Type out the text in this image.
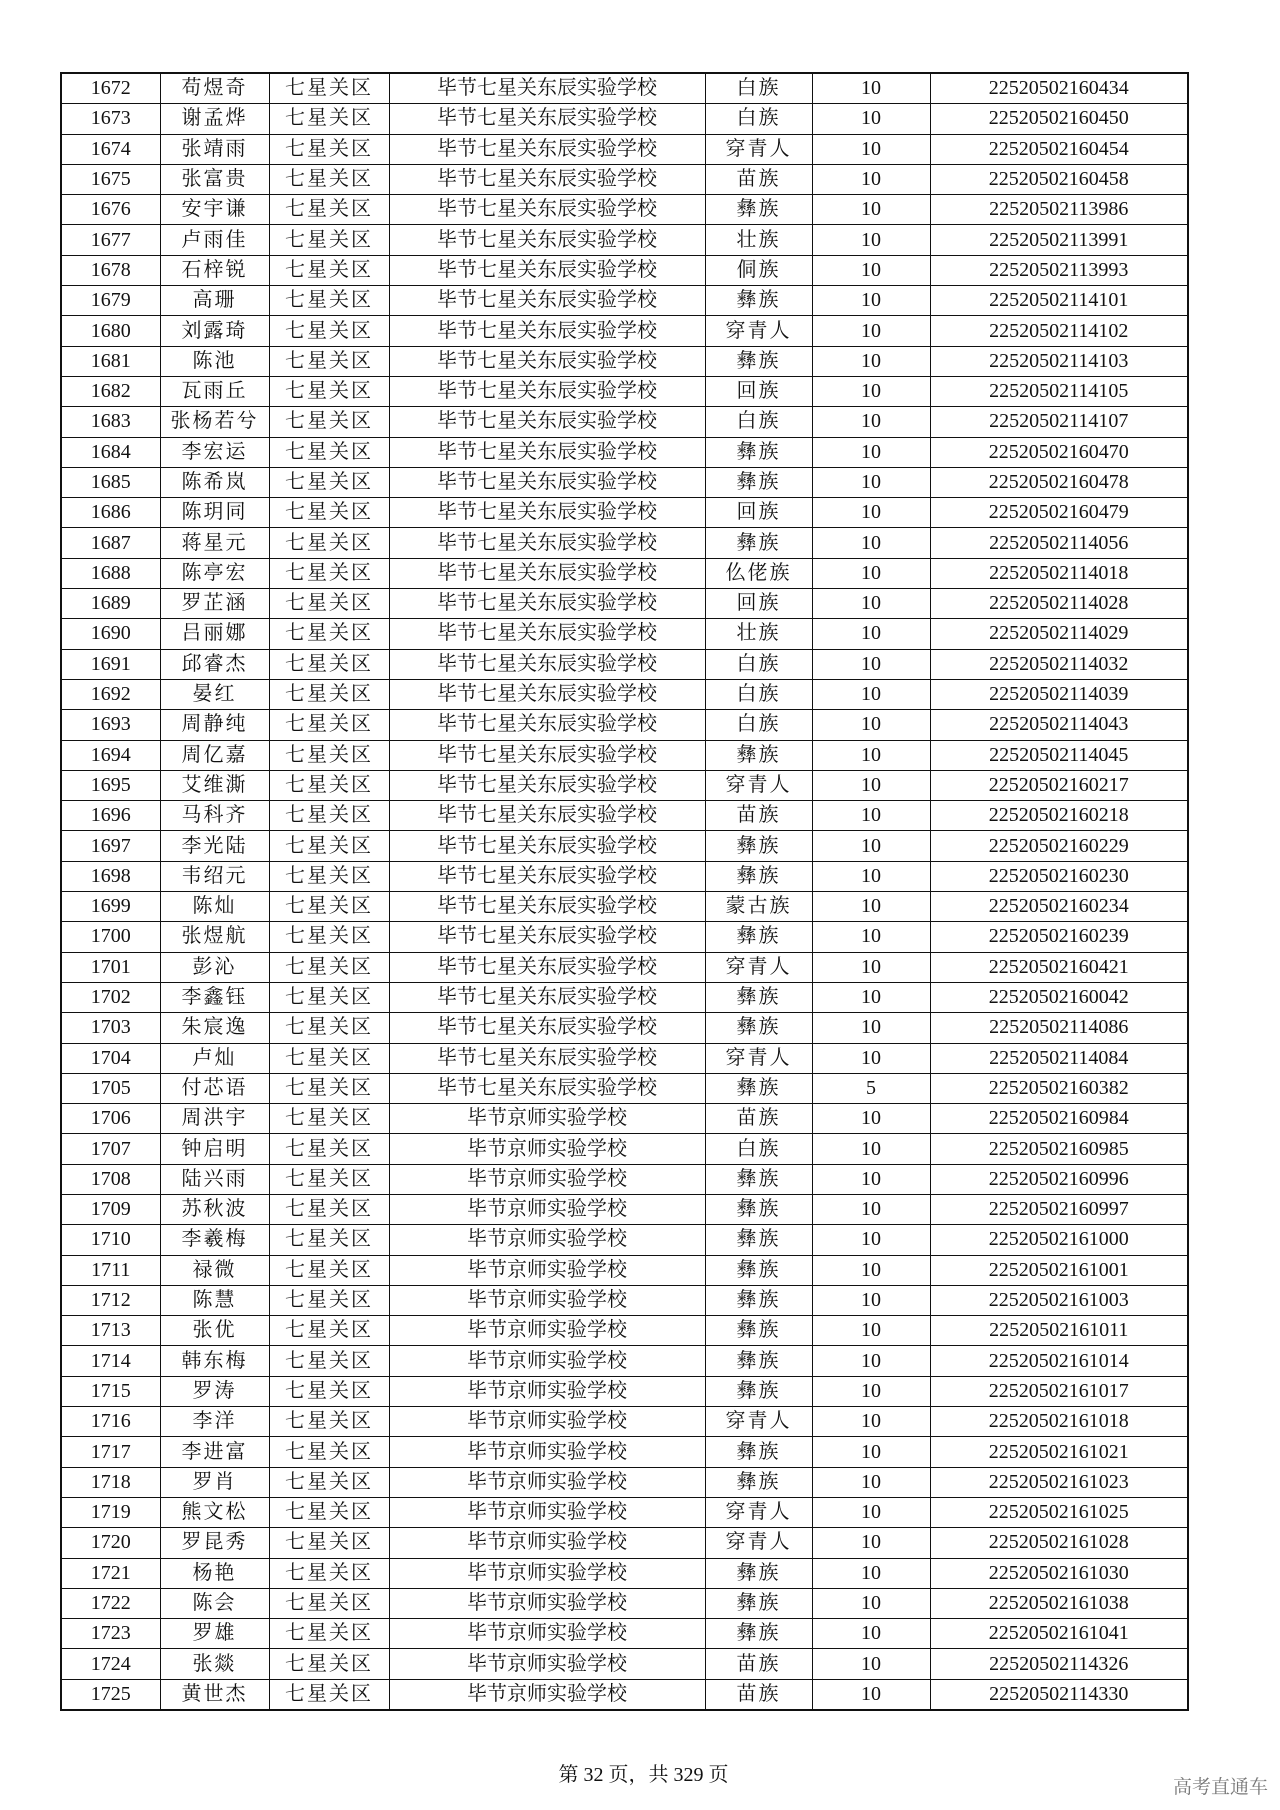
1672	苟煜奇	七星关区	毕节七星关东辰实验学校	白族	10	22520502160434
1673	谢孟烨	七星关区	毕节七星关东辰实验学校	白族	10	22520502160450
1674	张靖雨	七星关区	毕节七星关东辰实验学校	穿青人	10	22520502160454
1675	张富贵	七星关区	毕节七星关东辰实验学校	苗族	10	22520502160458
1676	安宇谦	七星关区	毕节七星关东辰实验学校	彝族	10	22520502113986
1677	卢雨佳	七星关区	毕节七星关东辰实验学校	壮族	10	22520502113991
1678	石梓锐	七星关区	毕节七星关东辰实验学校	侗族	10	22520502113993
1679	高珊	七星关区	毕节七星关东辰实验学校	彝族	10	22520502114101
1680	刘露琦	七星关区	毕节七星关东辰实验学校	穿青人	10	22520502114102
1681	陈池	七星关区	毕节七星关东辰实验学校	彝族	10	22520502114103
1682	瓦雨丘	七星关区	毕节七星关东辰实验学校	回族	10	22520502114105
1683	张杨若兮	七星关区	毕节七星关东辰实验学校	白族	10	22520502114107
1684	李宏运	七星关区	毕节七星关东辰实验学校	彝族	10	22520502160470
1685	陈希岚	七星关区	毕节七星关东辰实验学校	彝族	10	22520502160478
1686	陈玥同	七星关区	毕节七星关东辰实验学校	回族	10	22520502160479
1687	蒋星元	七星关区	毕节七星关东辰实验学校	彝族	10	22520502114056
1688	陈亭宏	七星关区	毕节七星关东辰实验学校	仫佬族	10	22520502114018
1689	罗芷涵	七星关区	毕节七星关东辰实验学校	回族	10	22520502114028
1690	吕丽娜	七星关区	毕节七星关东辰实验学校	壮族	10	22520502114029
1691	邱睿杰	七星关区	毕节七星关东辰实验学校	白族	10	22520502114032
1692	晏红	七星关区	毕节七星关东辰实验学校	白族	10	22520502114039
1693	周静纯	七星关区	毕节七星关东辰实验学校	白族	10	22520502114043
1694	周亿嘉	七星关区	毕节七星关东辰实验学校	彝族	10	22520502114045
1695	艾维澌	七星关区	毕节七星关东辰实验学校	穿青人	10	22520502160217
1696	马科齐	七星关区	毕节七星关东辰实验学校	苗族	10	22520502160218
1697	李光陆	七星关区	毕节七星关东辰实验学校	彝族	10	22520502160229
1698	韦绍元	七星关区	毕节七星关东辰实验学校	彝族	10	22520502160230
1699	陈灿	七星关区	毕节七星关东辰实验学校	蒙古族	10	22520502160234
1700	张煜航	七星关区	毕节七星关东辰实验学校	彝族	10	22520502160239
1701	彭沁	七星关区	毕节七星关东辰实验学校	穿青人	10	22520502160421
1702	李鑫钰	七星关区	毕节七星关东辰实验学校	彝族	10	22520502160042
1703	朱宸逸	七星关区	毕节七星关东辰实验学校	彝族	10	22520502114086
1704	卢灿	七星关区	毕节七星关东辰实验学校	穿青人	10	22520502114084
1705	付芯语	七星关区	毕节七星关东辰实验学校	彝族	5	22520502160382
1706	周洪宇	七星关区	毕节京师实验学校	苗族	10	22520502160984
1707	钟启明	七星关区	毕节京师实验学校	白族	10	22520502160985
1708	陆兴雨	七星关区	毕节京师实验学校	彝族	10	22520502160996
1709	苏秋波	七星关区	毕节京师实验学校	彝族	10	22520502160997
1710	李羲梅	七星关区	毕节京师实验学校	彝族	10	22520502161000
1711	禄微	七星关区	毕节京师实验学校	彝族	10	22520502161001
1712	陈慧	七星关区	毕节京师实验学校	彝族	10	22520502161003
1713	张优	七星关区	毕节京师实验学校	彝族	10	22520502161011
1714	韩东梅	七星关区	毕节京师实验学校	彝族	10	22520502161014
1715	罗涛	七星关区	毕节京师实验学校	彝族	10	22520502161017
1716	李洋	七星关区	毕节京师实验学校	穿青人	10	22520502161018
1717	李进富	七星关区	毕节京师实验学校	彝族	10	22520502161021
1718	罗肖	七星关区	毕节京师实验学校	彝族	10	22520502161023
1719	熊文松	七星关区	毕节京师实验学校	穿青人	10	22520502161025
1720	罗昆秀	七星关区	毕节京师实验学校	穿青人	10	22520502161028
1721	杨艳	七星关区	毕节京师实验学校	彝族	10	22520502161030
1722	陈会	七星关区	毕节京师实验学校	彝族	10	22520502161038
1723	罗雄	七星关区	毕节京师实验学校	彝族	10	22520502161041
1724	张燚	七星关区	毕节京师实验学校	苗族	10	22520502114326
1725	黄世杰	七星关区	毕节京师实验学校	苗族	10	22520502114330
第 32 页，共 329 页
高考直通车
